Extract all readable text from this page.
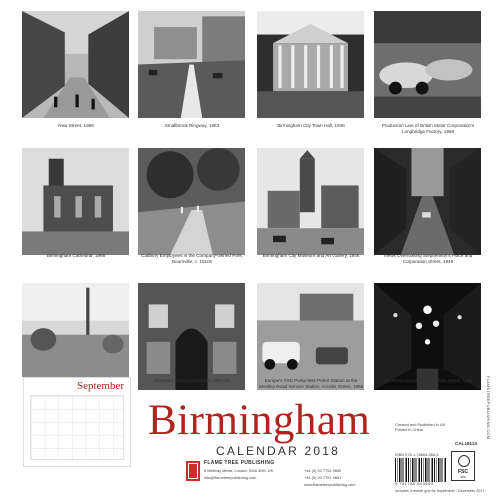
New Street, 1966	Smallbrook Ringway, 1963	Birmingham City Town Hall, 1946	Production Line of British Motor Corporation's
Longbridge Factory, 1958
Birmingham Cathedral, 1966	Cadbury Employees in the Company-owned Park,
Bournville, c. 1910s
Birmingham City Museum and Art Gallery, 1946	Views Overlooking Stephenson's Place and
Corporation Street, 1946
September	Entrance to the Law Courts, 1902-03	Europe's First Pump-less Petrol Station at the
Westley Road Service Station, Acocks Green, 1968
Christmas Decorations on New Street, 1966
Birmingham
CALENDAR 2018
FLAME TREE PUBLISHING
6 Melbray Mews, London SW6 3NS, UK	+44 (0) 20 7751 9650
info@flametreepublishing.com	+44 (0) 20 7751 9651
www.flametreepublishing.com
Created and Published in UK
Printed in China
CAL18113
ISBN 978-1-78664-366-3
9 781786 643663
FSC
MIX
FLAMETREEPUBLISHING.COM
Includes 4-month grid for September - December 2017
